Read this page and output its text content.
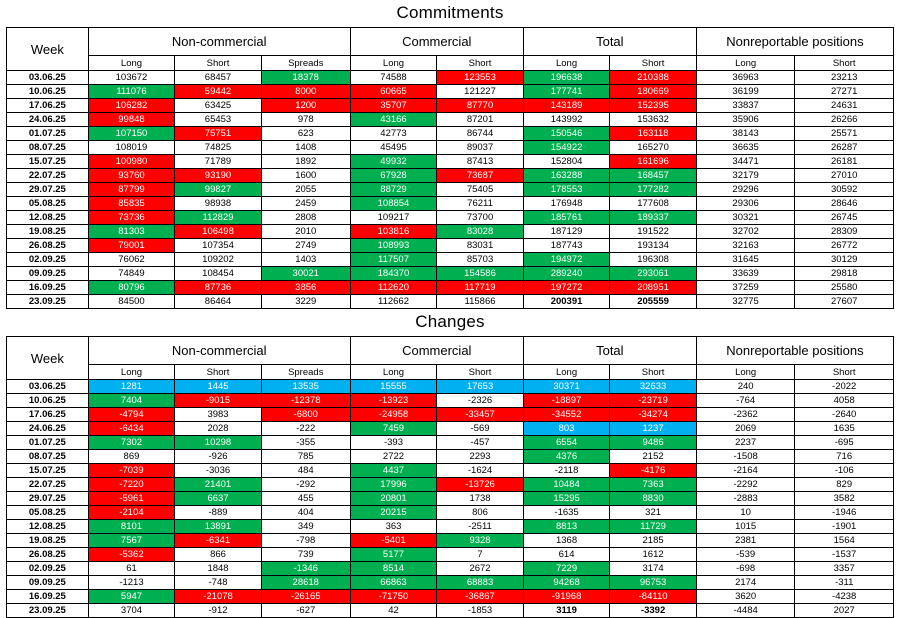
Commitments
Week	Non-commercial			Commercial		Total		Nonreportable positions	
	Long	Short	Spreads	Long	Short	Long	Short	Long	Short
03.06.25	103672	68457	18378	74588	123553	196638	210388	36963	23213
10.06.25	111076	59442	8000	60665	121227	177741	180669	36199	27271
17.06.25	106282	63425	1200	35707	87770	143189	152395	33837	24631
24.06.25	99848	65453	978	43166	87201	143992	153632	35906	26266
01.07.25	107150	75751	623	42773	86744	150546	163118	38143	25571
08.07.25	108019	74825	1408	45495	89037	154922	165270	36635	26287
15.07.25	100980	71789	1892	49932	87413	152804	161696	34471	26181
22.07.25	93760	93190	1600	67928	73687	163288	168457	32179	27010
29.07.25	87799	99827	2055	88729	75405	178553	177282	29296	30592
05.08.25	85835	98938	2459	108854	76211	176948	177608	29306	28646
12.08.25	73736	112829	2808	109217	73700	185761	189337	30321	26745
19.08.25	81303	106498	2010	103816	83028	187129	191522	32702	28309
26.08.25	79001	107354	2749	108993	83031	187743	193134	32163	26772
02.09.25	76062	109202	1403	117507	85703	194972	196308	31645	30129
09.09.25	74849	108454	30021	184370	154586	289240	293061	33639	29818
16.09.25	80796	87736	3856	112620	117719	197272	208951	37259	25580
23.09.25	84500	86464	3229	112662	115866	200391	205559	32775	27607
Changes
Week	Non-commercial			Commercial		Total		Nonreportable positions	
	Long	Short	Spreads	Long	Short	Long	Short	Long	Short
03.06.25	1281	1445	13535	15555	17653	30371	32633	240	-2022
10.06.25	7404	-9015	-12378	-13923	-2326	-18897	-23719	-764	4058
17.06.25	-4794	3983	-6800	-24958	-33457	-34552	-34274	-2362	-2640
24.06.25	-6434	2028	-222	7459	-569	803	1237	2069	1635
01.07.25	7302	10298	-355	-393	-457	6554	9486	2237	-695
08.07.25	869	-926	785	2722	2293	4376	2152	-1508	716
15.07.25	-7039	-3036	484	4437	-1624	-2118	-4176	-2164	-106
22.07.25	-7220	21401	-292	17996	-13726	10484	7363	-2292	829
29.07.25	-5961	6637	455	20801	1738	15295	8830	-2883	3582
05.08.25	-2104	-889	404	20215	806	-1635	321	10	-1946
12.08.25	8101	13891	349	363	-2511	8813	11729	1015	-1901
19.08.25	7567	-6341	-798	-5401	9328	1368	2185	2381	1564
26.08.25	-5362	866	739	5177	7	614	1612	-539	-1537
02.09.25	61	1848	-1346	8514	2672	7229	3174	-698	3357
09.09.25	-1213	-748	28618	66863	68883	94268	96753	2174	-311
16.09.25	5947	-21078	-26165	-71750	-36867	-91968	-84110	3620	-4238
23.09.25	3704	-912	-627	42	-1853	3119	-3392	-4484	2027
